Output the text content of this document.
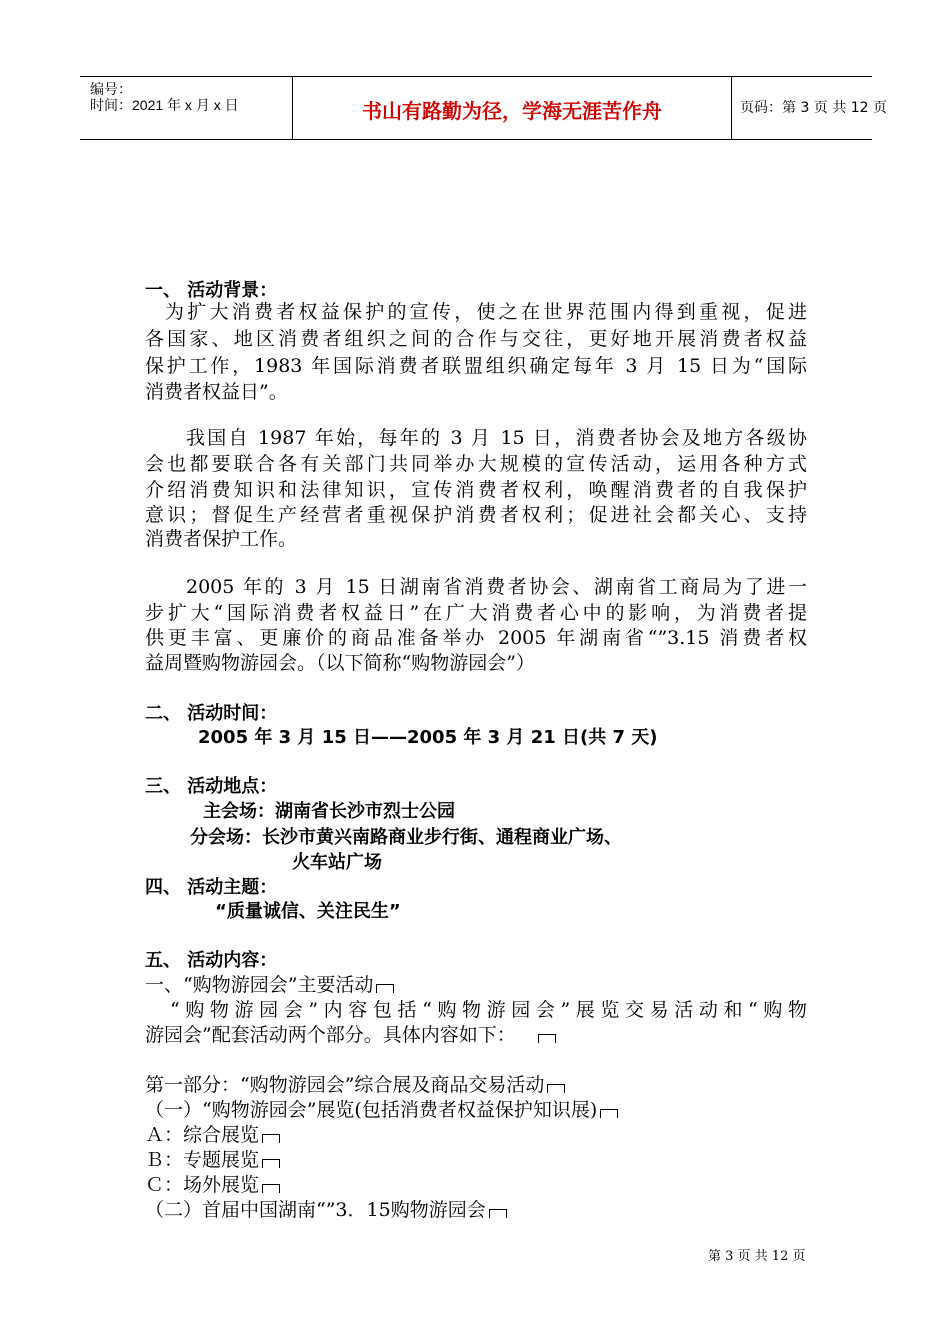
编号：
时间：2021 年 x 月 x 日	书山有路勤为径，学海无涯苦作舟	页码：第 3 页 共 12 页
一、 活动背景：
为扩大消费者权益保护的宣传，使之在世界范围内得到重视，促进
各国家、地区消费者组织之间的合作与交往，更好地开展消费者权益
保护工作，1983 年国际消费者联盟组织确定每年 3 月 15 日为“国际
消费者权益日”。
我国自 1987 年始，每年的 3 月 15 日，消费者协会及地方各级协
会也都要联合各有关部门共同举办大规模的宣传活动，运用各种方式
介绍消费知识和法律知识，宣传消费者权利，唤醒消费者的自我保护
意识；督促生产经营者重视保护消费者权利；促进社会都关心、支持
消费者保护工作。
2005 年的 3 月 15 日湖南省消费者协会、湖南省工商局为了进一
步扩大“国际消费者权益日”在广大消费者心中的影响，为消费者提
供更丰富、更廉价的商品准备举办 2005 年湖南省“”3.15 消费者权
益周暨购物游园会。（以下简称“购物游园会”）
二、 活动时间：
2005 年 3 月 15 日——2005 年 3 月 21 日(共 7 天)
三、 活动地点：
主会场：湖南省长沙市烈士公园
分会场：长沙市黄兴南路商业步行街、通程商业广场、
火车站广场
四、 活动主题：
“质量诚信、关注民生”
五、 活动内容：
一、“购物游园会”主要活动
“购物游园会”内容包括“购物游园会”展览交易活动和“购物
游园会”配套活动两个部分。具体内容如下：
第一部分：“购物游园会”综合展及商品交易活动
（一）“购物游园会”展览(包括消费者权益保护知识展)
Ａ：综合展览
Ｂ：专题展览
Ｃ：场外展览
（二）首届中国湖南“”3．15购物游园会
第 3 页 共 12 页
